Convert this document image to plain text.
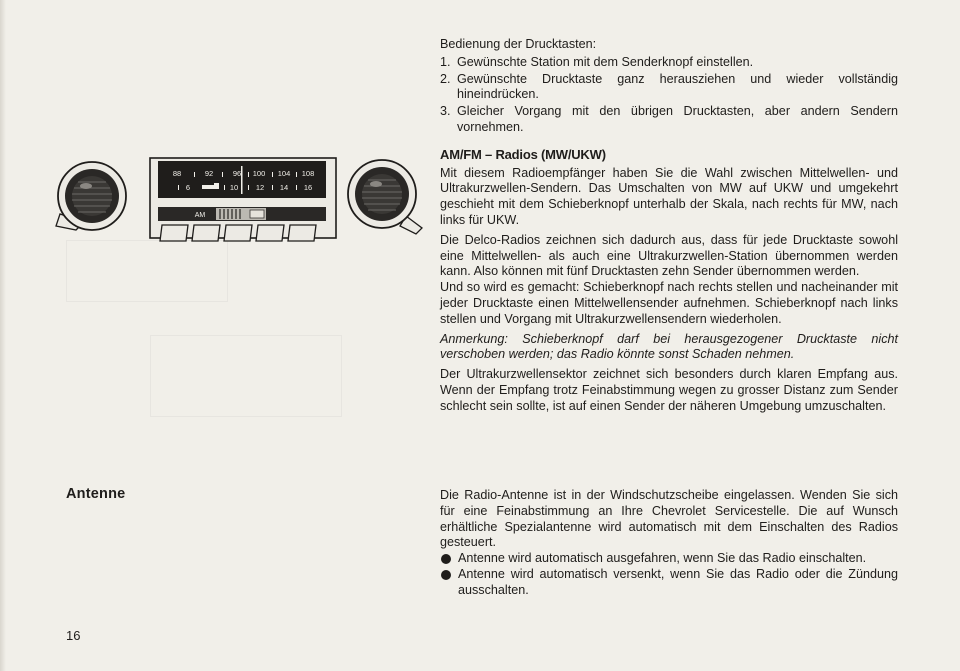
88	92	96 100 104 108
6	10 12 14 16
AM

Bedienung der Drucktasten:

1. Gewünschte Station mit dem Senderknopf einstellen.
2. Gewünschte Drucktaste ganz herausziehen und wieder vollständig hineindrücken.
3. Gleicher Vorgang mit den übrigen Drucktasten, aber andern Sendern vornehmen.

AM/FM – Radios (MW/UKW)

Mit diesem Radioempfänger haben Sie die Wahl zwischen Mittelwellen- und Ultrakurzwellen-Sendern. Das Umschalten von MW auf UKW und umgekehrt geschieht mit dem Schieberknopf unterhalb der Skala, nach rechts für MW, nach links für UKW.

Die Delco-Radios zeichnen sich dadurch aus, dass für jede Drucktaste sowohl eine Mittelwellen- als auch eine Ultrakurzwellen-Station übernommen werden kann. Also können mit fünf Drucktasten zehn Sender übernommen werden.

Und so wird es gemacht: Schieberknopf nach rechts stellen und nacheinander mit jeder Drucktaste einen Mittelwellensender aufnehmen. Schieberknopf nach links stellen und Vorgang mit Ultrakurzwellensendern wiederholen.

Anmerkung: Schieberknopf darf bei herausgezogener Drucktaste nicht verschoben werden; das Radio könnte sonst Schaden nehmen.

Der Ultrakurzwellensektor zeichnet sich besonders durch klaren Empfang aus. Wenn der Empfang trotz Feinabstimmung wegen zu grosser Distanz zum Sender schlecht sein sollte, ist auf einen Sender der näheren Umgebung umzuschalten.

Antenne	Die Radio-Antenne ist in der Windschutzscheibe eingelassen. Wenden Sie sich für eine Feinabstimmung an Ihre Chevrolet Servicestelle. Die auf Wunsch erhältliche Spezialantenne wird automatisch mit dem Einschalten des Radios gesteuert.

Antenne wird automatisch ausgefahren, wenn Sie das Radio einschalten.
Antenne wird automatisch versenkt, wenn Sie das Radio oder die Zündung ausschalten.
16
